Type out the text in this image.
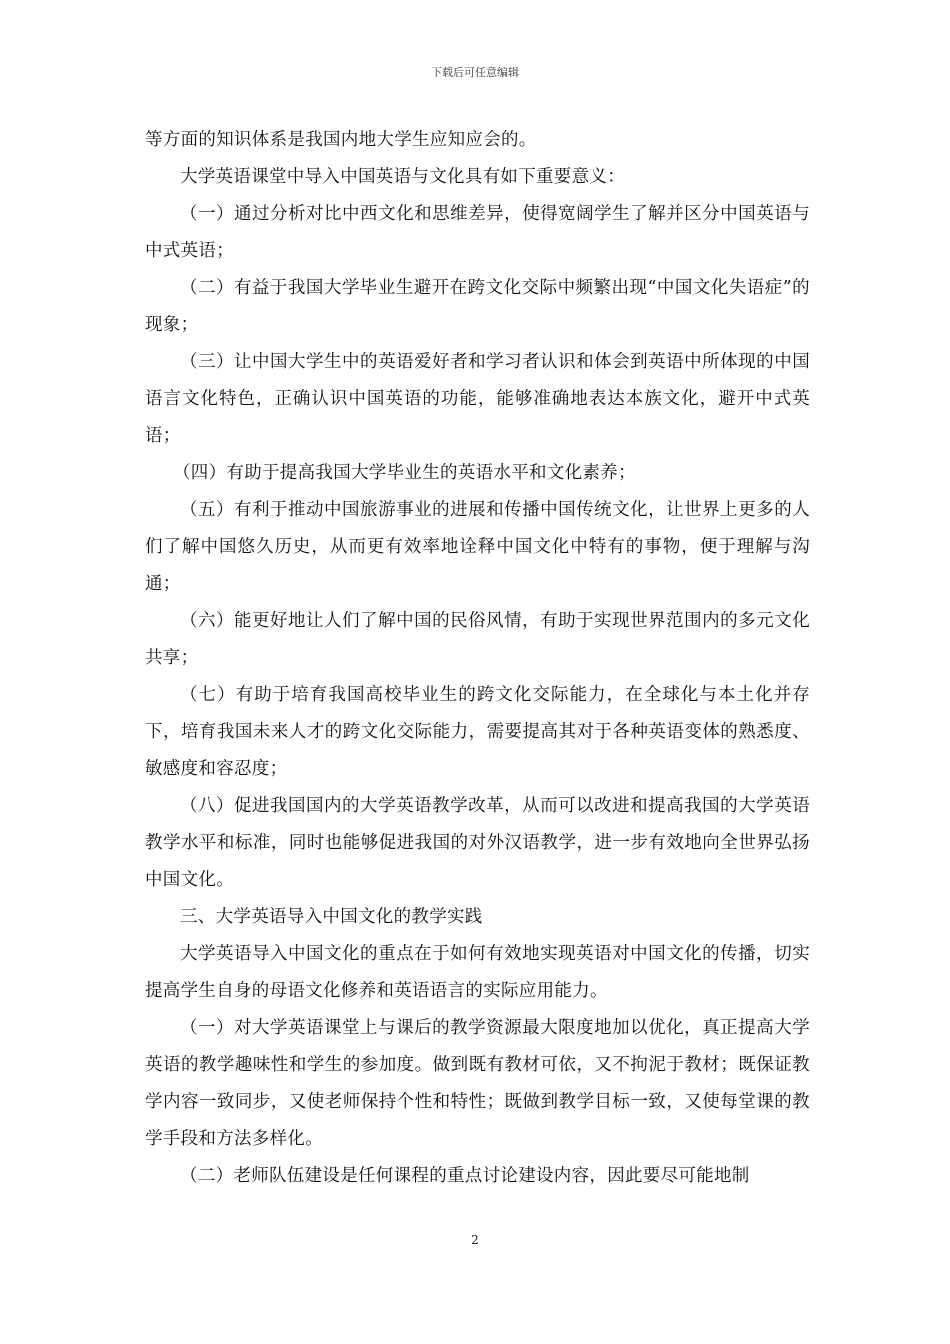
下载后可任意编辑

等方面的知识体系是我国内地大学生应知应会的。

大学英语课堂中导入中国英语与文化具有如下重要意义：

（一）通过分析对比中西文化和思维差异，使得宽阔学生了解并区分中国英语与中式英语；

（二）有益于我国大学毕业生避开在跨文化交际中频繁出现“中国文化失语症”的现象；

（三）让中国大学生中的英语爱好者和学习者认识和体会到英语中所体现的中国语言文化特色，正确认识中国英语的功能，能够准确地表达本族文化，避开中式英语；

（四）有助于提高我国大学毕业生的英语水平和文化素养；

（五）有利于推动中国旅游事业的进展和传播中国传统文化，让世界上更多的人们了解中国悠久历史，从而更有效率地诠释中国文化中特有的事物，便于理解与沟通；

（六）能更好地让人们了解中国的民俗风情，有助于实现世界范围内的多元文化共享；

（七）有助于培育我国高校毕业生的跨文化交际能力，在全球化与本土化并存下，培育我国未来人才的跨文化交际能力，需要提高其对于各种英语变体的熟悉度、敏感度和容忍度；

（八）促进我国国内的大学英语教学改革，从而可以改进和提高我国的大学英语教学水平和标准，同时也能够促进我国的对外汉语教学，进一步有效地向全世界弘扬中国文化。

三、大学英语导入中国文化的教学实践

大学英语导入中国文化的重点在于如何有效地实现英语对中国文化的传播，切实提高学生自身的母语文化修养和英语语言的实际应用能力。

（一）对大学英语课堂上与课后的教学资源最大限度地加以优化，真正提高大学英语的教学趣味性和学生的参加度。做到既有教材可依，又不拘泥于教材；既保证教学内容一致同步，又使老师保持个性和特性；既做到教学目标一致，又使每堂课的教学手段和方法多样化。

（二）老师队伍建设是任何课程的重点讨论建设内容，因此要尽可能地制

2
